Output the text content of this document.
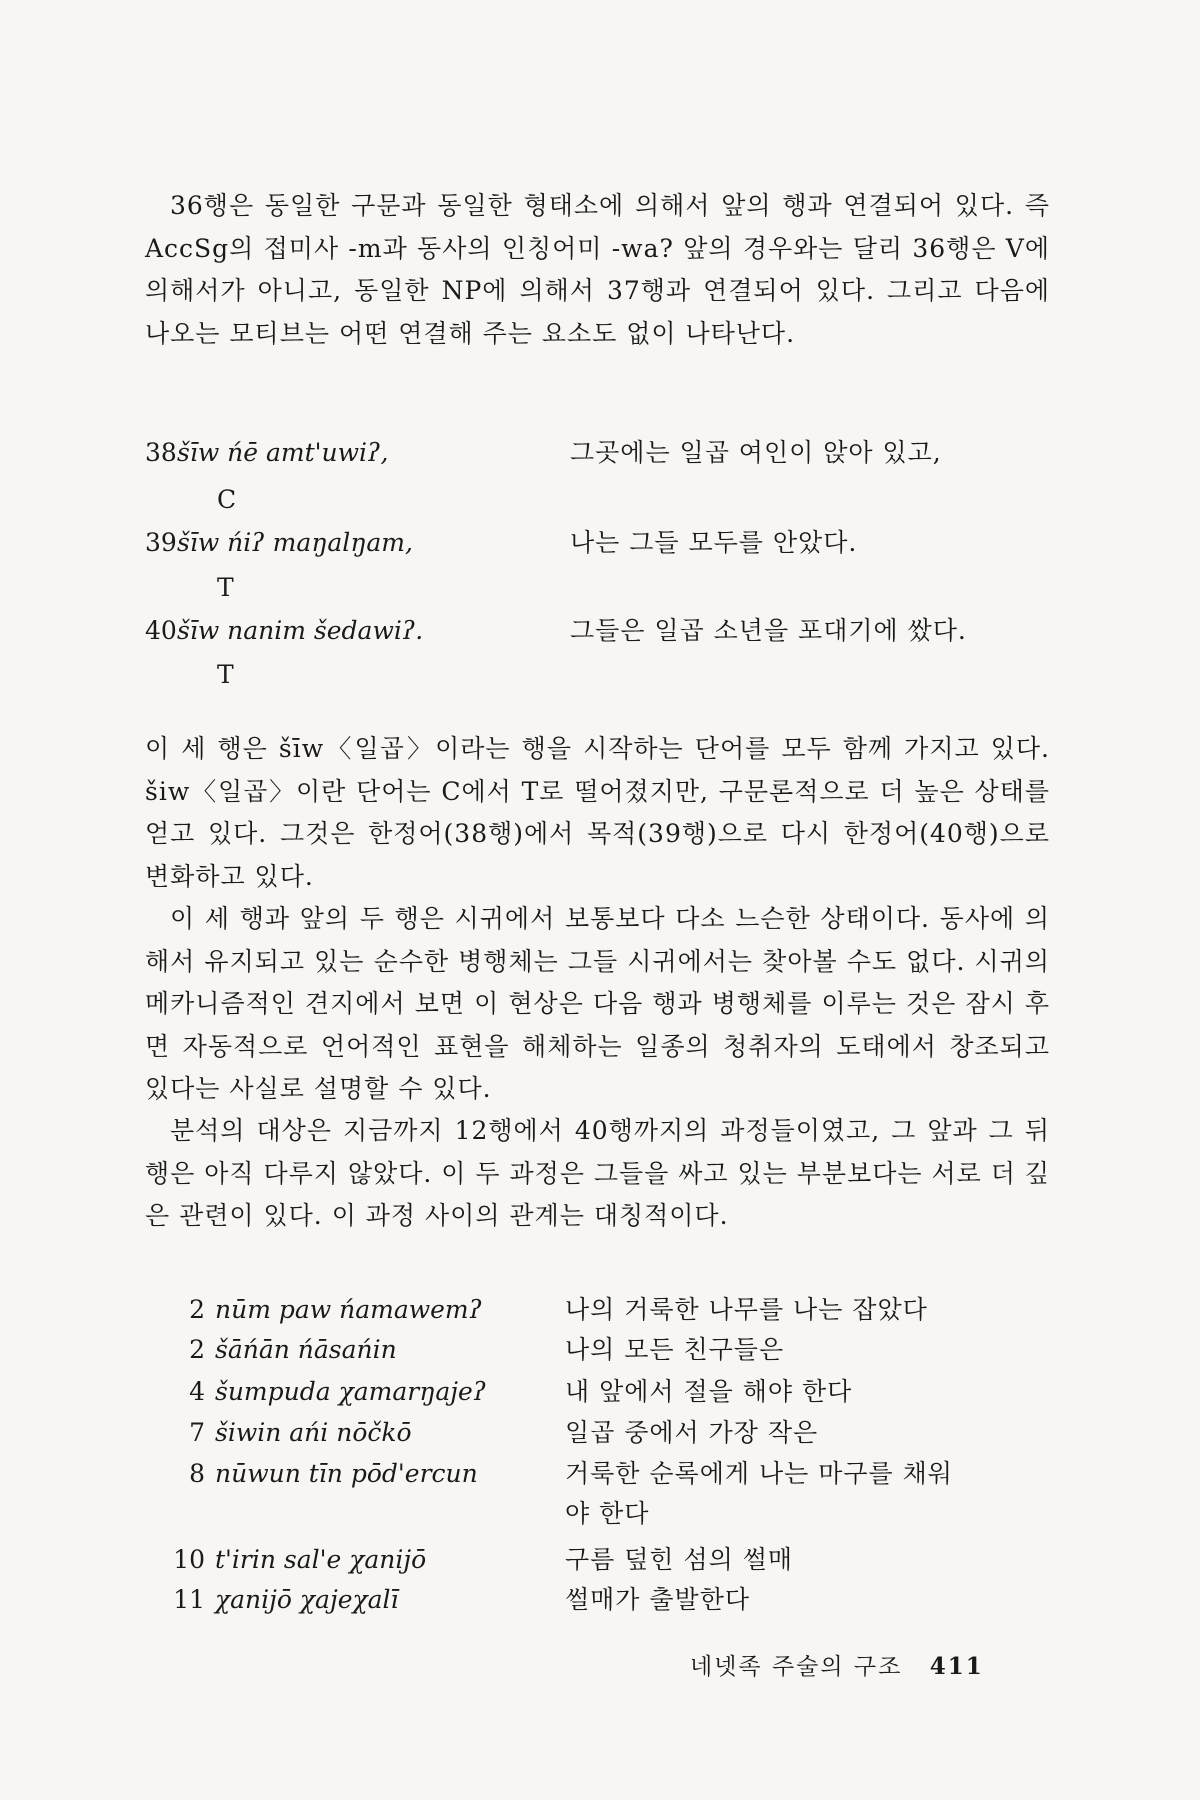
36행은 동일한 구문과 동일한 형태소에 의해서 앞의 행과 연결되어 있다. 즉 AccSg의 접미사 -m과 동사의 인칭어미 -wa? 앞의 경우와는 달리 36행은 V에 의해서가 아니고, 동일한 NP에 의해서 37행과 연결되어 있다. 그리고 다음에 나오는 모티브는 어떤 연결해 주는 요소도 없이 나타난다.

38 šīw ńē amt'uwiʔ,	그곳에는 일곱 여인이 앉아 있고,
C
39 šīw ńiʔ maŋalŋam,	나는 그들 모두를 안았다.
T
40 šīw nanim šedawiʔ.	그들은 일곱 소년을 포대기에 쌌다.
T

이 세 행은 šīw〈일곱〉이라는 행을 시작하는 단어를 모두 함께 가지고 있다. šiw〈일곱〉이란 단어는 C에서 T로 떨어졌지만, 구문론적으로 더 높은 상태를 얻고 있다. 그것은 한정어(38행)에서 목적(39행)으로 다시 한정어(40행)으로 변화하고 있다.

이 세 행과 앞의 두 행은 시귀에서 보통보다 다소 느슨한 상태이다. 동사에 의해서 유지되고 있는 순수한 병행체는 그들 시귀에서는 찾아볼 수도 없다. 시귀의 메카니즘적인 견지에서 보면 이 현상은 다음 행과 병행체를 이루는 것은 잠시 후면 자동적으로 언어적인 표현을 해체하는 일종의 청취자의 도태에서 창조되고 있다는 사실로 설명할 수 있다.

분석의 대상은 지금까지 12행에서 40행까지의 과정들이였고, 그 앞과 그 뒤행은 아직 다루지 않았다. 이 두 과정은 그들을 싸고 있는 부분보다는 서로 더 깊은 관련이 있다. 이 과정 사이의 관계는 대칭적이다.

2 nūm paw ńamawemʔ	나의 거룩한 나무를 나는 잡았다
2 šāńān ńāsańin	나의 모든 친구들은
4 šumpuda χamarŋajeʔ	내 앞에서 절을 해야 한다
7 šiwin ańi nōčkō	일곱 중에서 가장 작은
8 nūwun tīn pōd'ercun	거룩한 순록에게 나는 마구를 채워
야 한다
10 t'irin sal'e χanijō	구름 덮힌 섬의 썰매
11 χanijō χajeχalī	썰매가 출발한다
네넷족 주술의 구조 411
